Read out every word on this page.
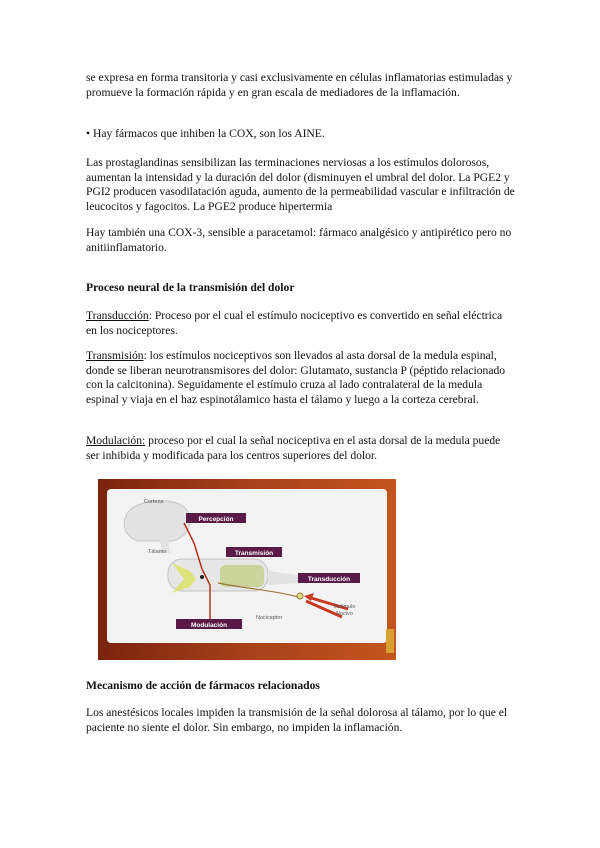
se expresa en forma transitoria y casi exclusivamente en células inflamatorias estimuladas y promueve la formación rápida y en gran escala de mediadores de la inflamación.

• Hay fármacos que inhiben la COX, son los AINE.

Las prostaglandinas sensibilizan las terminaciones nerviosas a los estímulos dolorosos, aumentan la intensidad y la duración del dolor (disminuyen el umbral del dolor. La PGE2 y PGI2 producen vasodilatación aguda, aumento de la permeabilidad vascular e infiltración de leucocitos y fagocitos. La PGE2 produce hipertermia

Hay también una COX-3, sensible a paracetamol: fármaco analgésico y antipirético pero no anitiinflamatorio.

Proceso neural de la transmisión del dolor

Transducción: Proceso por el cual el estímulo nociceptivo es convertido en señal eléctrica en los nociceptores.

Transmisión: los estímulos nociceptivos son llevados al asta dorsal de la medula espinal, donde se liberan neurotransmisores del dolor: Glutamato, sustancia P (péptido relacionado con la calcitonina). Seguidamente el estímulo cruza al lado contralateral de la medula espinal y viaja en el haz espinotálamico hasta el tálamo y luego a la corteza cerebral.

Modulación: proceso por el cual la señal nociceptiva en el asta dorsal de la medula puede ser inhibida y modificada para los centros superiores del dolor.

Percepción
Transmisión
Transducción
Modulación
Corteza
Tálamo
Nociceptor
Estímulo
Nocivo

Mecanismo de acción de fármacos relacionados

Los anestésicos locales impiden la transmisión de la señal dolorosa al tálamo, por lo que el paciente no siente el dolor. Sin embargo, no impiden la inflamación.
